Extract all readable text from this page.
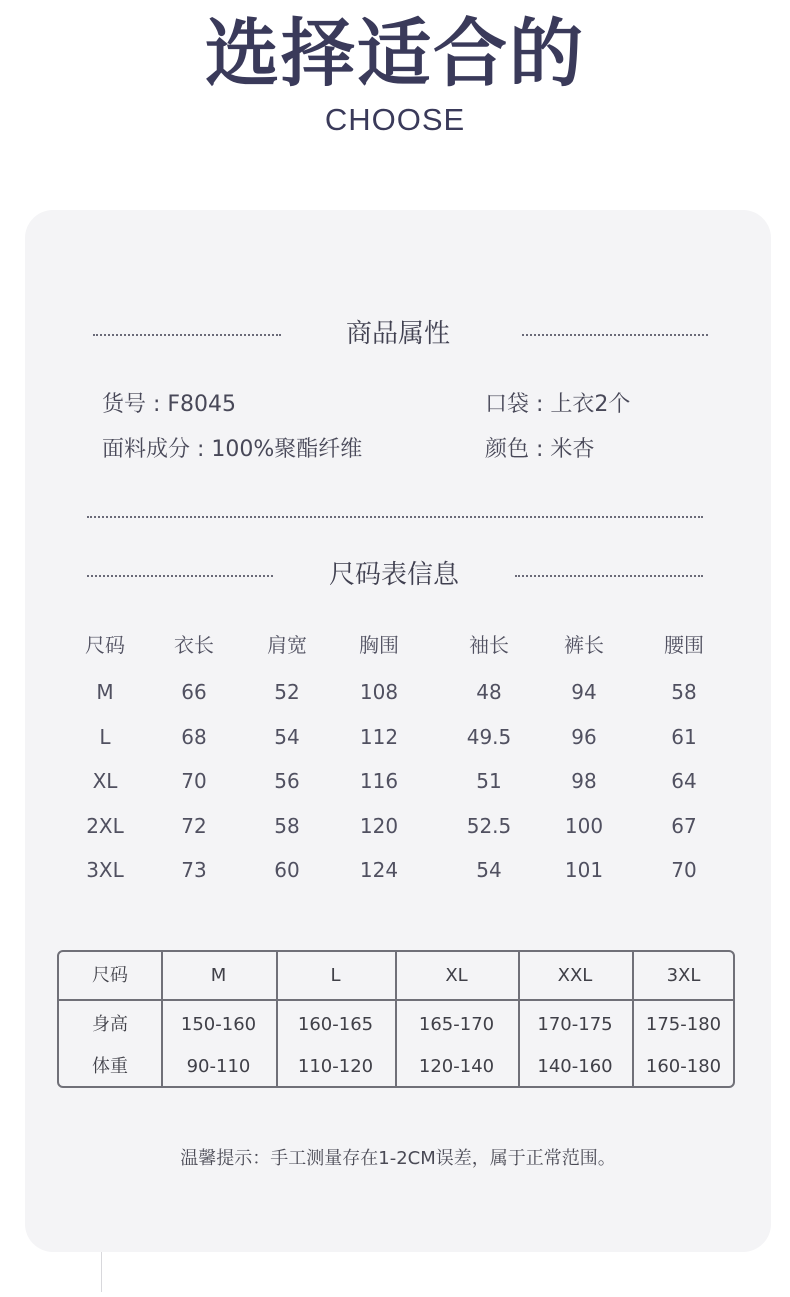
选择适合的
CHOOSE
商品属性
货号 : F8045	口袋 : 上衣2个
面料成分 : 100%聚酯纤维	颜色 : 米杏
尺码表信息
尺码	衣长	肩宽	胸围	袖长	裤长	腰围
M	66	52	108	48	94	58
L	68	54	112	49.5	96	61
XL	70	56	116	51	98	64
2XL	72	58	120	52.5	100	67
3XL	73	60	124	54	101	70
尺码	M	L	XL	XXL	3XL
身高	150-160	160-165	165-170	170-175	175-180
体重	90-110	110-120	120-140	140-160	160-180
温馨提示：手工测量存在1-2CM误差，属于正常范围。
